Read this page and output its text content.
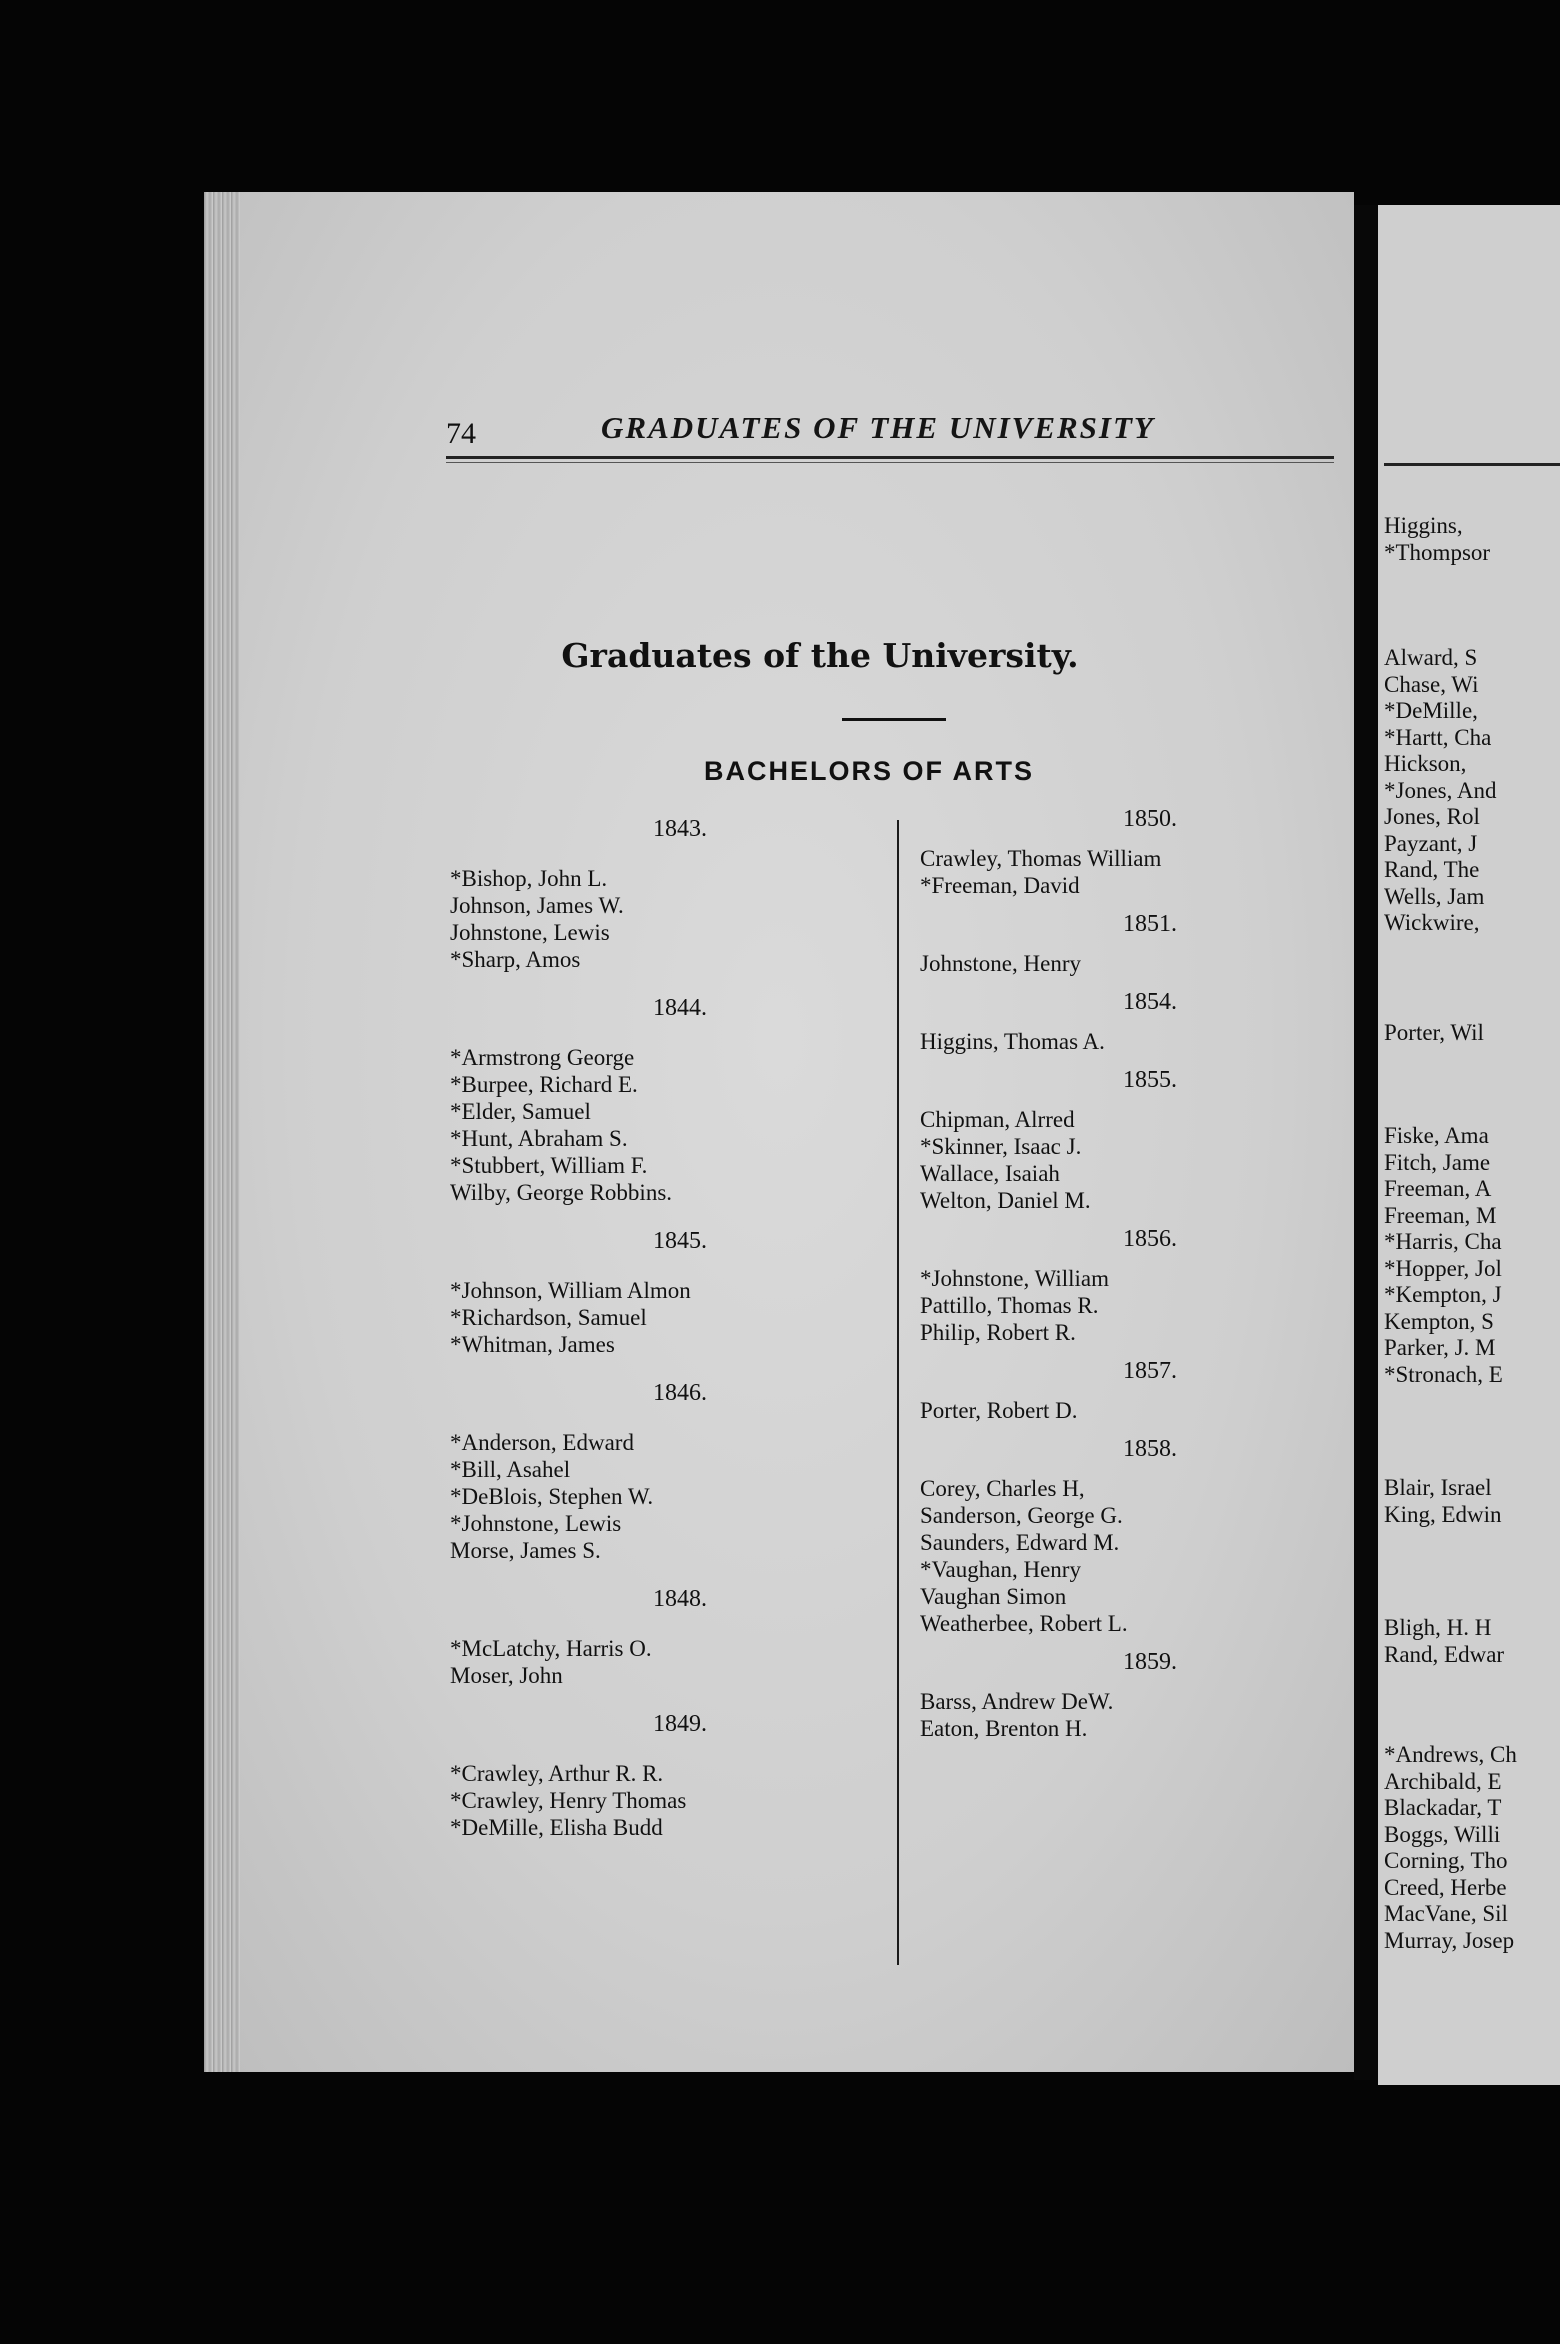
Higgins,
*Thompsor
Alward, S
Chase, Wi
*DeMille,
*Hartt, Cha
Hickson,
*Jones, And
Jones, Rol
Payzant, J
Rand, The
Wells, Jam
Wickwire,
Porter, Wil
Fiske, Ama
Fitch, Jame
Freeman, A
Freeman, M
*Harris, Cha
*Hopper, Jol
*Kempton, J
Kempton, S
Parker, J. M
*Stronach, E
Blair, Israel
King, Edwin
Bligh, H. H
Rand, Edwar
*Andrews, Ch
Archibald, E
Blackadar, T
Boggs, Willi
Corning, Tho
Creed, Herbe
MacVane, Sil
Murray, Josep
74	GRADUATES OF THE UNIVERSITY
Graduates of the University.
BACHELORS OF ARTS
1843.
*Bishop, John L.
Johnson, James W.
Johnstone, Lewis
*Sharp, Amos
1844.
*Armstrong George
*Burpee, Richard E.
*Elder, Samuel
*Hunt, Abraham S.
*Stubbert, William F.
Wilby, George Robbins.
1845.
*Johnson, William Almon
*Richardson, Samuel
*Whitman, James
1846.
*Anderson, Edward
*Bill, Asahel
*DeBlois, Stephen W.
*Johnstone, Lewis
Morse, James S.
1848.
*McLatchy, Harris O.
Moser, John
1849.
*Crawley, Arthur R. R.
*Crawley, Henry Thomas
*DeMille, Elisha Budd
1850.
Crawley, Thomas William
*Freeman, David
1851.
Johnstone, Henry
1854.
Higgins, Thomas A.
1855.
Chipman, Alrred
*Skinner, Isaac J.
Wallace, Isaiah
Welton, Daniel M.
1856.
*Johnstone, William
Pattillo, Thomas R.
Philip, Robert R.
1857.
Porter, Robert D.
1858.
Corey, Charles H,
Sanderson, George G.
Saunders, Edward M.
*Vaughan, Henry
Vaughan Simon
Weatherbee, Robert L.
1859.
Barss, Andrew DeW.
Eaton, Brenton H.
